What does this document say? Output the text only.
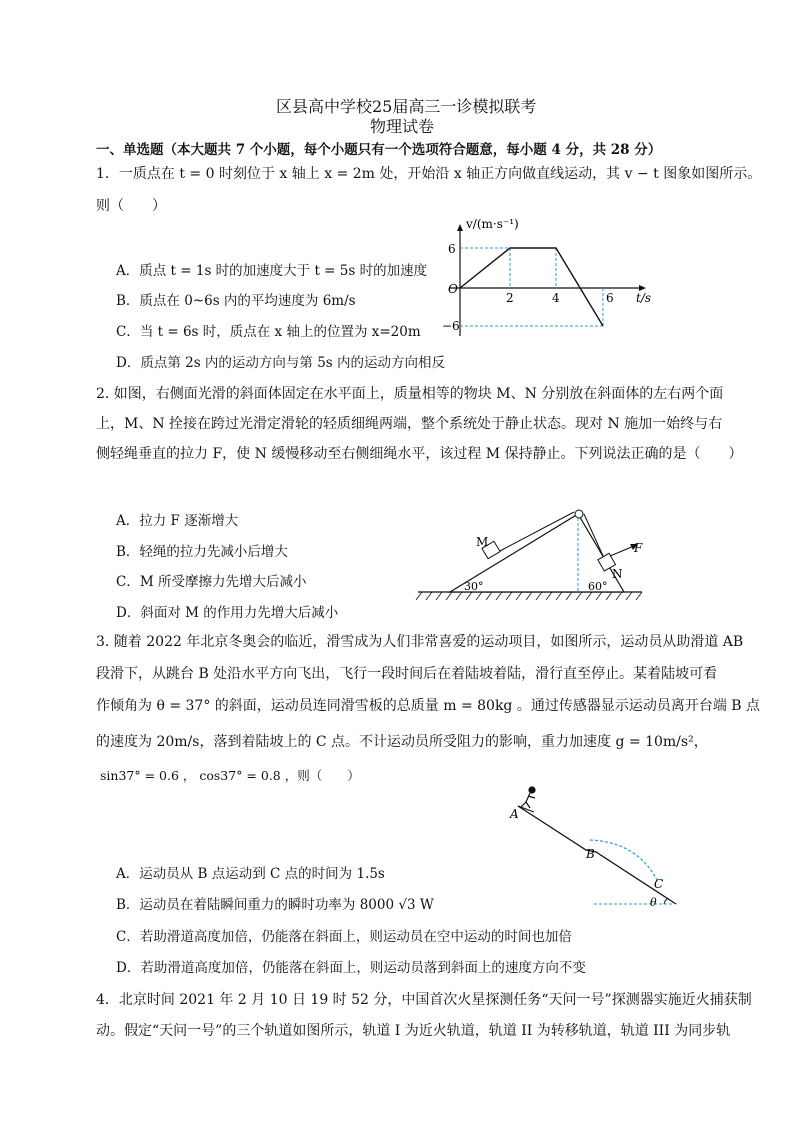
区县高中学校25届高三一诊模拟联考
物理试卷
一、单选题（本大题共 7 个小题，每个小题只有一个选项符合题意，每小题 4 分，共 28 分）
1．一质点在 t = 0 时刻位于 x 轴上 x = 2m 处，开始沿 x 轴正方向做直线运动，其 v − t 图象如图所示。
则（　　）
A．质点 t = 1s 时的加速度大于 t = 5s 时的加速度
B．质点在 0~6s 内的平均速度为 6m/s
C．当 t = 6s 时，质点在 x 轴上的位置为 x=20m
D．质点第 2s 内的运动方向与第 5s 内的运动方向相反
v/(m·s⁻¹)
t/s
O
6
−6
2	4	6
2. 如图，右侧面光滑的斜面体固定在水平面上，质量相等的物块 M、N 分别放在斜面体的左右两个面
上，M、N 拴接在跨过光滑定滑轮的轻质细绳两端，整个系统处于静止状态。现对 N 施加一始终与右
侧轻绳垂直的拉力 F，使 N 缓慢移动至右侧细绳水平，该过程 M 保持静止。下列说法正确的是（　　）
A．拉力 F 逐渐增大
B．轻绳的拉力先减小后增大
C．M 所受摩擦力先增大后减小
D．斜面对 M 的作用力先增大后减小
M
N
F
30°	60°
3. 随着 2022 年北京冬奥会的临近，滑雪成为人们非常喜爱的运动项目，如图所示，运动员从助滑道 AB
段滑下，从跳台 B 处沿水平方向飞出，飞行一段时间后在着陆坡着陆，滑行直至停止。某着陆坡可看
作倾角为 θ = 37° 的斜面，运动员连同滑雪板的总质量 m = 80kg 。通过传感器显示运动员离开台端 B 点
的速度为 20m/s，落到着陆坡上的 C 点。不计运动员所受阻力的影响，重力加速度 g = 10m/s²，
sin37° = 0.6 ， cos37° = 0.8 ，则（　　）
A．运动员从 B 点运动到 C 点的时间为 1.5s
B．运动员在着陆瞬间重力的瞬时功率为 8000 √3 W
C．若助滑道高度加倍，仍能落在斜面上，则运动员在空中运动的时间也加倍
D．若助滑道高度加倍，仍能落在斜面上，则运动员落到斜面上的速度方向不变
A
B
C
θ
4．北京时间 2021 年 2 月 10 日 19 时 52 分，中国首次火星探测任务“天问一号”探测器实施近火捕获制
动。假定“天问一号”的三个轨道如图所示，轨道 I 为近火轨道，轨道 II 为转移轨道，轨道 III 为同步轨
